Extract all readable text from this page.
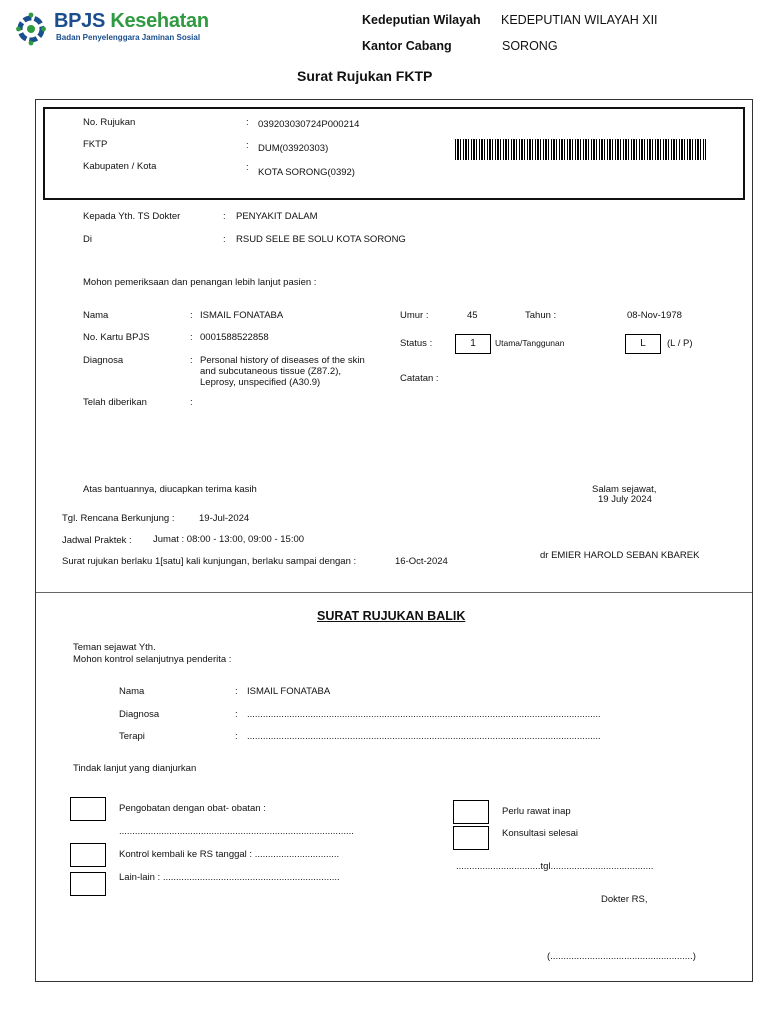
BPJS Kesehatan
Badan Penyelenggara Jaminan Sosial
Kedeputian Wilayah KEDEPUTIAN WILAYAH XII
Kantor Cabang	SORONG
Surat Rujukan FKTP
No. Rujukan	: 039203030724P000214
FKTP	: DUM(03920303)
Kabupaten / Kota	: KOTA SORONG(0392)
Kepada Yth. TS Dokter	: PENYAKIT DALAM
Di	: RSUD SELE BE SOLU KOTA SORONG
Mohon pemeriksaan dan penangan lebih lanjut pasien :
Nama	: ISMAIL FONATABA
No. Kartu BPJS	: 0001588522858
Diagnosa	: Personal history of diseases of the skin
and subcutaneous tissue (Z87.2),
Leprosy, unspecified (A30.9)
Telah diberikan	:
Umur :	45	Tahun :	08-Nov-1978
Status :	1	Utama/Tanggunan	L	(L / P)
Catatan :
Atas bantuannya, diucapkan terima kasih	Salam sejawat,
19 July 2024
Tgl. Rencana Berkunjung :	19-Jul-2024
Jadwal Praktek : Jumat : 08:00 - 13:00, 09:00 - 15:00
Surat rujukan berlaku 1[satu] kali kunjungan, berlaku sampai dengan :	16-Oct-2024
dr EMIER HAROLD SEBAN KBAREK
SURAT RUJUKAN BALIK
Teman sejawat Yth.
Mohon kontrol selanjutnya penderita :
Nama	: ISMAIL FONATABA
Diagnosa	: ......................................................................................................................................
Terapi	: ......................................................................................................................................
Tindak lanjut yang dianjurkan
Pengobatan dengan obat- obatan :
.........................................................................................
Kontrol kembali ke RS tanggal : ................................
Lain-lain : ...................................................................
Perlu rawat inap
Konsultasi selesai
................................tgl.......................................
Dokter RS,
(......................................................)
